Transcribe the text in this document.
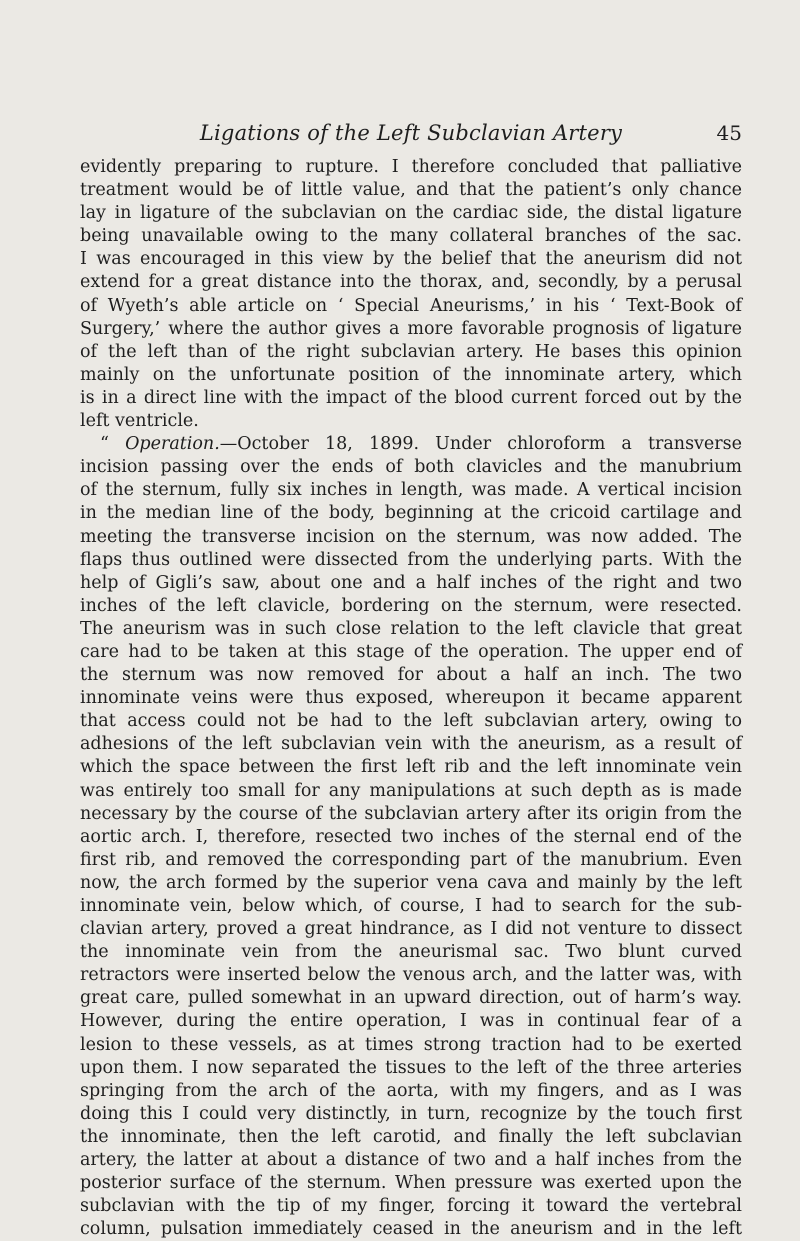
Ligations of the Left Subclavian Artery	45
evidently preparing to rupture. I therefore concluded that palliative
treatment would be of little value, and that the patient’s only chance
lay in ligature of the subclavian on the cardiac side, the distal ligature
being unavailable owing to the many collateral branches of the sac.
I was encouraged in this view by the belief that the aneurism did not
extend for a great distance into the thorax, and, secondly, by a perusal
of Wyeth’s able article on ‘ Special Aneurisms,’ in his ‘ Text-Book of
Surgery,’ where the author gives a more favorable prognosis of ligature
of the left than of the right subclavian artery. He bases this opinion
mainly on the unfortunate position of the innominate artery, which
is in a direct line with the impact of the blood current forced out by the
left ventricle.
“ Operation.—October 18, 1899. Under chloroform a transverse
incision passing over the ends of both clavicles and the manubrium
of the sternum, fully six inches in length, was made. A vertical incision
in the median line of the body, beginning at the cricoid cartilage and
meeting the transverse incision on the sternum, was now added. The
flaps thus outlined were dissected from the underlying parts. With the
help of Gigli’s saw, about one and a half inches of the right and two
inches of the left clavicle, bordering on the sternum, were resected.
The aneurism was in such close relation to the left clavicle that great
care had to be taken at this stage of the operation. The upper end of
the sternum was now removed for about a half an inch. The two
innominate veins were thus exposed, whereupon it became apparent
that access could not be had to the left subclavian artery, owing to
adhesions of the left subclavian vein with the aneurism, as a result of
which the space between the first left rib and the left innominate vein
was entirely too small for any manipulations at such depth as is made
necessary by the course of the subclavian artery after its origin from the
aortic arch. I, therefore, resected two inches of the sternal end of the
first rib, and removed the corresponding part of the manubrium. Even
now, the arch formed by the superior vena cava and mainly by the left
innominate vein, below which, of course, I had to search for the sub-
clavian artery, proved a great hindrance, as I did not venture to dissect
the innominate vein from the aneurismal sac. Two blunt curved
retractors were inserted below the venous arch, and the latter was, with
great care, pulled somewhat in an upward direction, out of harm’s way.
However, during the entire operation, I was in continual fear of a
lesion to these vessels, as at times strong traction had to be exerted
upon them. I now separated the tissues to the left of the three arteries
springing from the arch of the aorta, with my fingers, and as I was
doing this I could very distinctly, in turn, recognize by the touch first
the innominate, then the left carotid, and finally the left subclavian
artery, the latter at about a distance of two and a half inches from the
posterior surface of the sternum. When pressure was exerted upon the
subclavian with the tip of my finger, forcing it toward the vertebral
column, pulsation immediately ceased in the aneurism and in the left
